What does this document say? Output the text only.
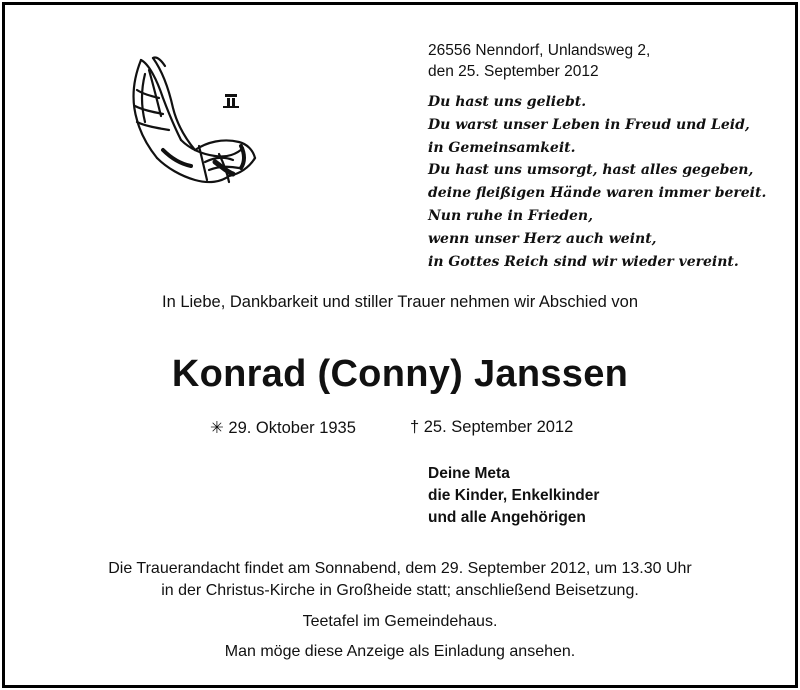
26556 Nenndorf, Unlandsweg 2,
den 25. September 2012
Du hast uns geliebt.
Du warst unser Leben in Freud und Leid,
in Gemeinsamkeit.
Du hast uns umsorgt, hast alles gegeben,
deine fleißigen Hände waren immer bereit.
Nun ruhe in Frieden,
wenn unser Herz auch weint,
in Gottes Reich sind wir wieder vereint.
In Liebe, Dankbarkeit und stiller Trauer nehmen wir Abschied von
Konrad (Conny) Janssen
✳ 29. Oktober 1935	† 25. September 2012
Deine Meta
die Kinder, Enkelkinder
und alle Angehörigen
Die Trauerandacht findet am Sonnabend, dem 29. September 2012, um 13.30 Uhr
in der Christus-Kirche in Großheide statt; anschließend Beisetzung.
Teetafel im Gemeindehaus.
Man möge diese Anzeige als Einladung ansehen.
